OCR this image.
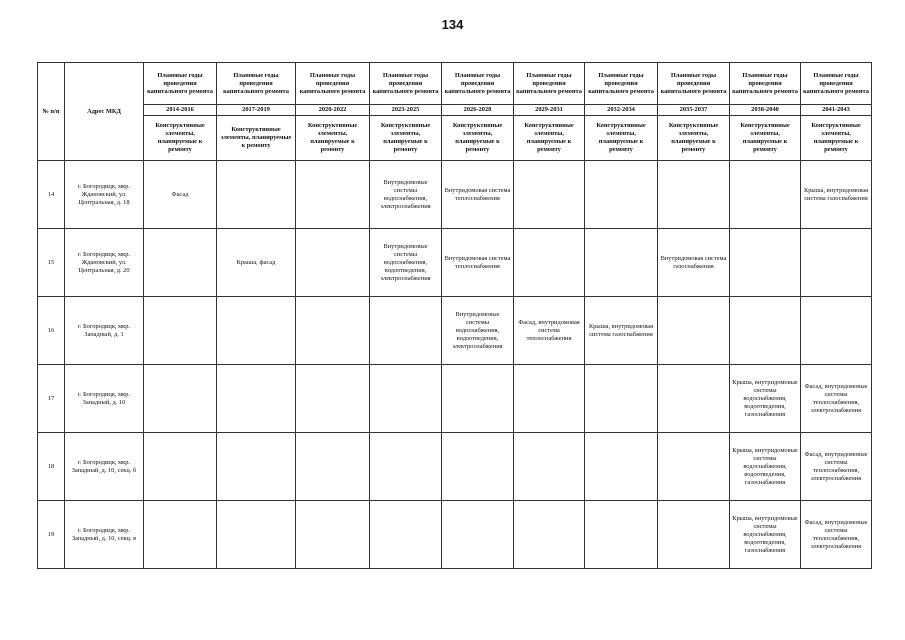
134
№ п/п	Адрес МКД	Плановые годы проведения капитального ремонта	Плановые годы проведения капитального ремонта	Плановые годы проведения капитального ремонта	Плановые годы проведения капитального ремонта	Плановые годы проведения капитального ремонта	Плановые годы проведения капитального ремонта	Плановые годы проведения капитального ремонта	Плановые годы проведения капитального ремонта	Плановые годы проведения капитального ремонта	Плановые годы проведения капитального ремонта
		2014-2016	2017-2019	2020-2022	2023-2025	2026-2028	2029-2031	2032-2034	2035-2037	2038-2040	2041-2043
		Конструктивные элементы, планируемые к ремонту	Конструктивные элементы, планируемые к ремонту	Конструктивные элементы, планируемые к ремонту	Конструктивные элементы, планируемые к ремонту	Конструктивные элементы, планируемые к ремонту	Конструктивные элементы, планируемые к ремонту	Конструктивные элементы, планируемые к ремонту	Конструктивные элементы, планируемые к ремонту	Конструктивные элементы, планируемые к ремонту	Конструктивные элементы, планируемые к ремонту
14	г. Богородицк, мкр. Ждановский, ул. Центральная, д. 18	Фасад			Внутридомовые системы водоснабжения, электроснабжения	Внутридомовая система теплоснабжения					Крыша, внутридомовая система газоснабжения
15	г. Богородицк, мкр. Ждановский, ул. Центральная, д. 20		Крыша, фасад		Внутридомовые системы водоснабжения, водоотведения, электроснабжения	Внутридомовая система теплоснабжения			Внутридомовая система газоснабжения		
16	г. Богородицк, мкр. Западный, д. 1					Внутридомовые системы водоснабжения, водоотведения, электроснабжения	Фасад, внутридомовая система теплоснабжения	Крыша, внутридомовая система газоснабжения			
17	г. Богородицк, мкр. Западный, д. 10									Крыша, внутридомовые системы водоснабжения, водоотведения, газоснабжения	Фасад, внутридомовые системы теплоснабжения, электроснабжения
18	г. Богородицк, мкр. Западный, д. 10, секц. б									Крыша, внутридомовые системы водоснабжения, водоотведения, газоснабжения	Фасад, внутридомовые системы теплоснабжения, электроснабжения
19	г. Богородицк, мкр. Западный, д. 10, секц. в									Крыша, внутридомовые системы водоснабжения, водоотведения, газоснабжения	Фасад, внутридомовые системы теплоснабжения, электроснабжения
